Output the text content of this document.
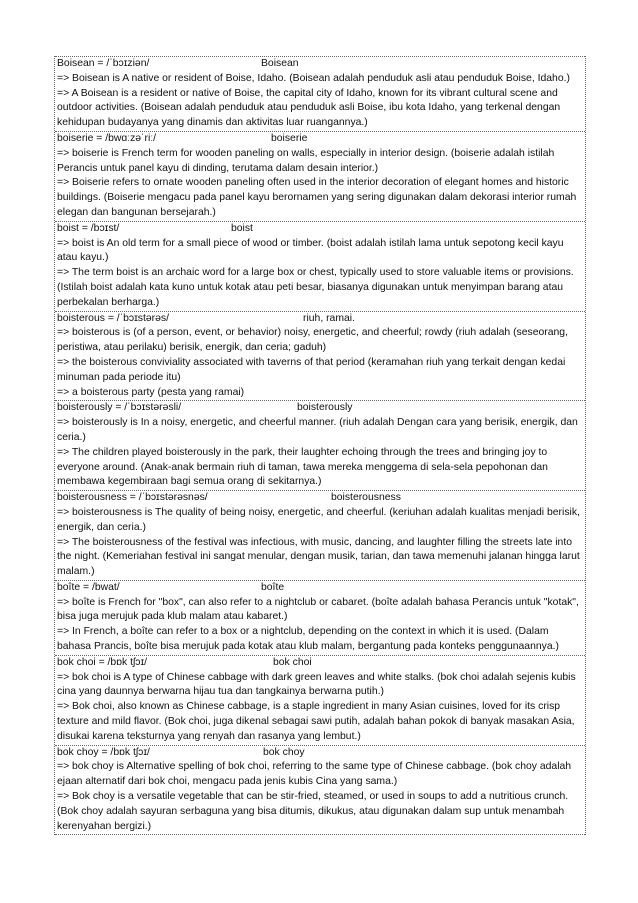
Boisean = /ˈbɔɪziən/	Boisean

=> Boisean is A native or resident of Boise, Idaho. (Boisean adalah penduduk asli atau penduduk Boise, Idaho.)
=> A Boisean is a resident or native of Boise, the capital city of Idaho, known for its vibrant cultural scene and outdoor activities. (Boisean adalah penduduk atau penduduk asli Boise, ibu kota Idaho, yang terkenal dengan kehidupan budayanya yang dinamis dan aktivitas luar ruangannya.)
boiserie = /bwɑːzəˈriː/	boiserie

=> boiserie is French term for wooden paneling on walls, especially in interior design. (boiserie adalah istilah Perancis untuk panel kayu di dinding, terutama dalam desain interior.)
=> Boiserie refers to ornate wooden paneling often used in the interior decoration of elegant homes and historic buildings. (Boiserie mengacu pada panel kayu berornamen yang sering digunakan dalam dekorasi interior rumah elegan dan bangunan bersejarah.)
boist = /bɔɪst/	boist

=> boist is An old term for a small piece of wood or timber. (boist adalah istilah lama untuk sepotong kecil kayu atau kayu.)
=> The term boist is an archaic word for a large box or chest, typically used to store valuable items or provisions. (Istilah boist adalah kata kuno untuk kotak atau peti besar, biasanya digunakan untuk menyimpan barang atau perbekalan berharga.)
boisterous = /ˈbɔɪstərəs/	riuh, ramai.

=> boisterous is (of a person, event, or behavior) noisy, energetic, and cheerful; rowdy (riuh adalah (seseorang, peristiwa, atau perilaku) berisik, energik, dan ceria; gaduh)
=> the boisterous conviviality associated with taverns of that period (keramahan riuh yang terkait dengan kedai minuman pada periode itu)
=> a boisterous party (pesta yang ramai)
boisterously = /ˈbɔɪstərəsli/	boisterously

=> boisterously is In a noisy, energetic, and cheerful manner. (riuh adalah Dengan cara yang berisik, energik, dan ceria.)
=> The children played boisterously in the park, their laughter echoing through the trees and bringing joy to everyone around. (Anak-anak bermain riuh di taman, tawa mereka menggema di sela-sela pepohonan dan membawa kegembiraan bagi semua orang di sekitarnya.)
boisterousness = /ˈbɔɪstərəsnəs/	boisterousness

=> boisterousness is The quality of being noisy, energetic, and cheerful. (keriuhan adalah kualitas menjadi berisik, energik, dan ceria.)
=> The boisterousness of the festival was infectious, with music, dancing, and laughter filling the streets late into the night. (Kemeriahan festival ini sangat menular, dengan musik, tarian, dan tawa memenuhi jalanan hingga larut malam.)
boîte = /bwat/	boîte

=> boîte is French for "box", can also refer to a nightclub or cabaret. (boîte adalah bahasa Perancis untuk "kotak", bisa juga merujuk pada klub malam atau kabaret.)
=> In French, a boîte can refer to a box or a nightclub, depending on the context in which it is used. (Dalam bahasa Prancis, boîte bisa merujuk pada kotak atau klub malam, bergantung pada konteks penggunaannya.)
bok choi = /bɒk tʃɔɪ/	bok choi

=> bok choi is A type of Chinese cabbage with dark green leaves and white stalks. (bok choi adalah sejenis kubis cina yang daunnya berwarna hijau tua dan tangkainya berwarna putih.)
=> Bok choi, also known as Chinese cabbage, is a staple ingredient in many Asian cuisines, loved for its crisp texture and mild flavor. (Bok choi, juga dikenal sebagai sawi putih, adalah bahan pokok di banyak masakan Asia, disukai karena teksturnya yang renyah dan rasanya yang lembut.)
bok choy = /bɒk tʃɔɪ/	bok choy

=> bok choy is Alternative spelling of bok choi, referring to the same type of Chinese cabbage. (bok choy adalah ejaan alternatif dari bok choi, mengacu pada jenis kubis Cina yang sama.)
=> Bok choy is a versatile vegetable that can be stir-fried, steamed, or used in soups to add a nutritious crunch. (Bok choy adalah sayuran serbaguna yang bisa ditumis, dikukus, atau digunakan dalam sup untuk menambah kerenyahan bergizi.)
